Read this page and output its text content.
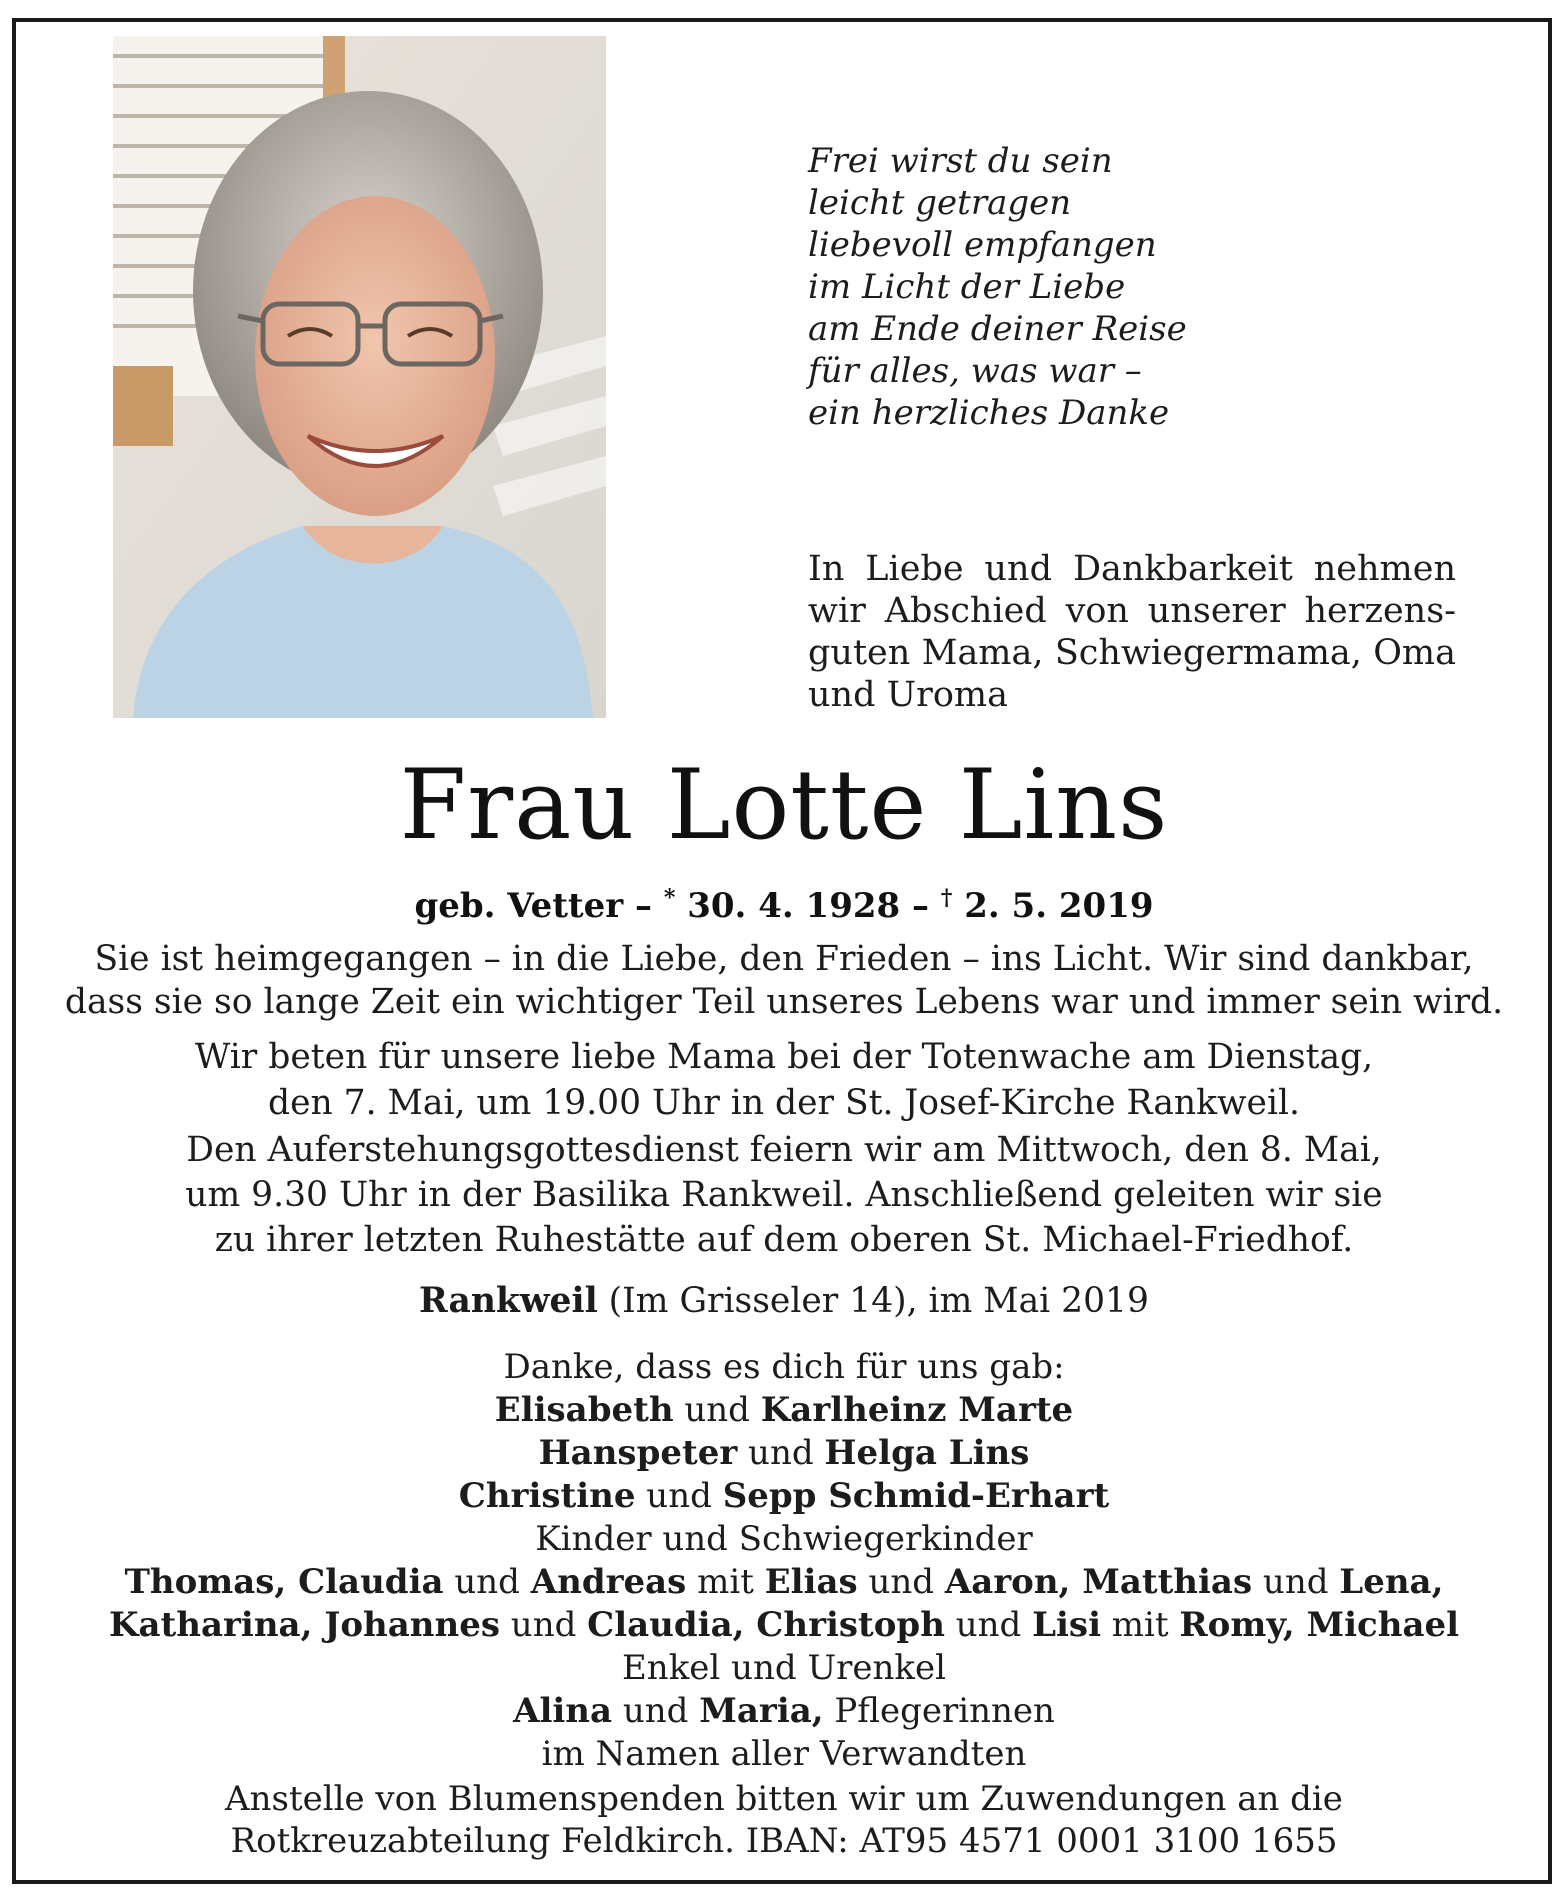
Frei wirst du sein
leicht getragen
liebevoll empfangen
im Licht der Liebe
am Ende deiner Reise
für alles, was war –
ein herzliches Danke
In Liebe und Dankbarkeit nehmen
wir Abschied von unserer herzens-
guten Mama, Schwiegermama, Oma
und Uroma
Frau Lotte Lins
geb. Vetter – * 30. 4. 1928 – † 2. 5. 2019
Sie ist heimgegangen – in die Liebe, den Frieden – ins Licht. Wir sind dankbar,
dass sie so lange Zeit ein wichtiger Teil unseres Lebens war und immer sein wird.
Wir beten für unsere liebe Mama bei der Totenwache am Dienstag,
den 7. Mai, um 19.00 Uhr in der St. Josef-Kirche Rankweil.
Den Auferstehungsgottesdienst feiern wir am Mittwoch, den 8. Mai,
um 9.30 Uhr in der Basilika Rankweil. Anschließend geleiten wir sie
zu ihrer letzten Ruhestätte auf dem oberen St. Michael-Friedhof.
Rankweil (Im Grisseler 14), im Mai 2019
Danke, dass es dich für uns gab:
Elisabeth und Karlheinz Marte
Hanspeter und Helga Lins
Christine und Sepp Schmid-Erhart
Kinder und Schwiegerkinder
Thomas, Claudia und Andreas mit Elias und Aaron, Matthias und Lena,
Katharina, Johannes und Claudia, Christoph und Lisi mit Romy, Michael
Enkel und Urenkel
Alina und Maria, Pflegerinnen
im Namen aller Verwandten
Anstelle von Blumenspenden bitten wir um Zuwendungen an die
Rotkreuzabteilung Feldkirch. IBAN: AT95 4571 0001 3100 1655
